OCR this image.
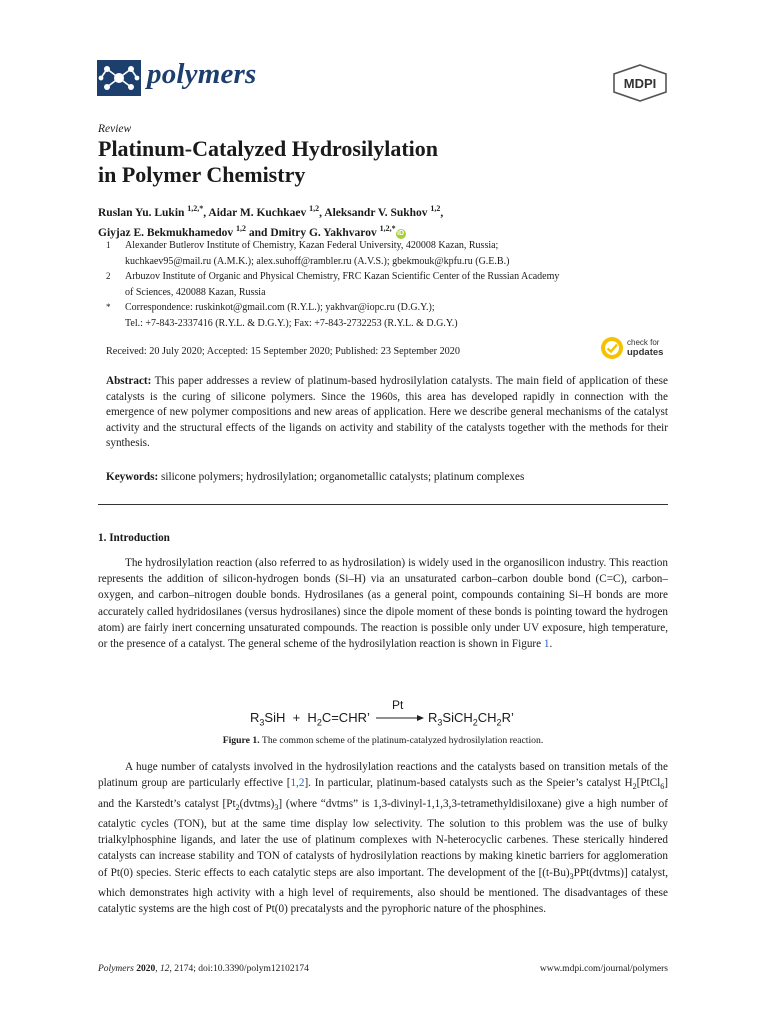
polymers	MDPI
Review
Platinum-Catalyzed Hydrosilylation
in Polymer Chemistry
Ruslan Yu. Lukin $^{1,2,*}$, Aidar M. Kuchkaev $^{1,2}$, Aleksandr V. Sukhov $^{1,2}$,
Giyjaz E. Bekmukhamedov $^{1,2}$ and Dmitry G. Yakhvarov $^{1,2,*}$iD
1 Alexander Butlerov Institute of Chemistry, Kazan Federal University, 420008 Kazan, Russia;
kuchkaev95@mail.ru (A.M.K.); alex.suhoff@rambler.ru (A.V.S.); gbekmouk@kpfu.ru (G.E.B.)
2 Arbuzov Institute of Organic and Physical Chemistry, FRC Kazan Scientific Center of the Russian Academy
of Sciences, 420088 Kazan, Russia
* Correspondence: ruskinkot@gmail.com (R.Y.L.); yakhvar@iopc.ru (D.G.Y.);
Tel.: +7-843-2337416 (R.Y.L. & D.G.Y.); Fax: +7-843-2732253 (R.Y.L. & D.G.Y.)
Received: 20 July 2020; Accepted: 15 September 2020; Published: 23 September 2020
check for
updates

Abstract: This paper addresses a review of platinum-based hydrosilylation catalysts. The main field of application of these catalysts is the curing of silicone polymers. Since the 1960s, this area has developed rapidly in connection with the emergence of new polymer compositions and new areas of application. Here we describe general mechanisms of the catalyst activity and the structural effects of the ligands on activity and stability of the catalysts together with the methods for their synthesis.

Keywords: silicone polymers; hydrosilylation; organometallic catalysts; platinum complexes

1. Introduction

The hydrosilylation reaction (also referred to as hydrosilation) is widely used in the organosilicon industry. This reaction represents the addition of silicon-hydrogen bonds (Si–H) via an unsaturated carbon–carbon double bond (C=C), carbon–oxygen, and carbon–nitrogen double bonds. Hydrosilanes (as a general point, compounds containing Si–H bonds are more accurately called hydridosilanes (versus hydrosilanes) since the dipole moment of these bonds is pointing toward the hydrogen atom) are fairly inert concerning unsaturated compounds. The reaction is possible only under UV exposure, high temperature, or the presence of a catalyst. The general scheme of the hydrosilylation reaction is shown in Figure 1.

$R_3SiH + H_2C=CHR$’
Pt
→ $R_3SiCH_2CH_2R$’
Figure 1. The common scheme of the platinum-catalyzed hydrosilylation reaction.

A huge number of catalysts involved in the hydrosilylation reactions and the catalysts based on transition metals of the platinum group are particularly effective [1,2]. In particular, platinum-based catalysts such as the Speier’s catalyst $H_2[PtCl_6]$ and the Karstedt’s catalyst $[Pt_2(dvtms)_3]$ (where “dvtms” is 1,3-divinyl-1,1,3,3-tetramethyldisiloxane) give a high number of catalytic cycles (TON), but at the same time display low selectivity. The solution to this problem was the use of bulky trialkylphosphine ligands, and later the use of platinum complexes with N-heterocyclic carbenes. These sterically hindered catalysts can increase stability and TON of catalysts of hydrosilylation reactions by making kinetic barriers for agglomeration of Pt(0) species. Steric effects to each catalytic steps are also important. The development of the $[(t-Bu)_3PPt(dvtms)]$ catalyst, which demonstrates high activity with a high level of requirements, also should be mentioned. The disadvantages of these catalytic systems are the high cost of Pt(0) precatalysts and the pyrophoric nature of the phosphines.

Polymers 2020, 12, 2174; doi:10.3390/polym12102174	www.mdpi.com/journal/polymers
